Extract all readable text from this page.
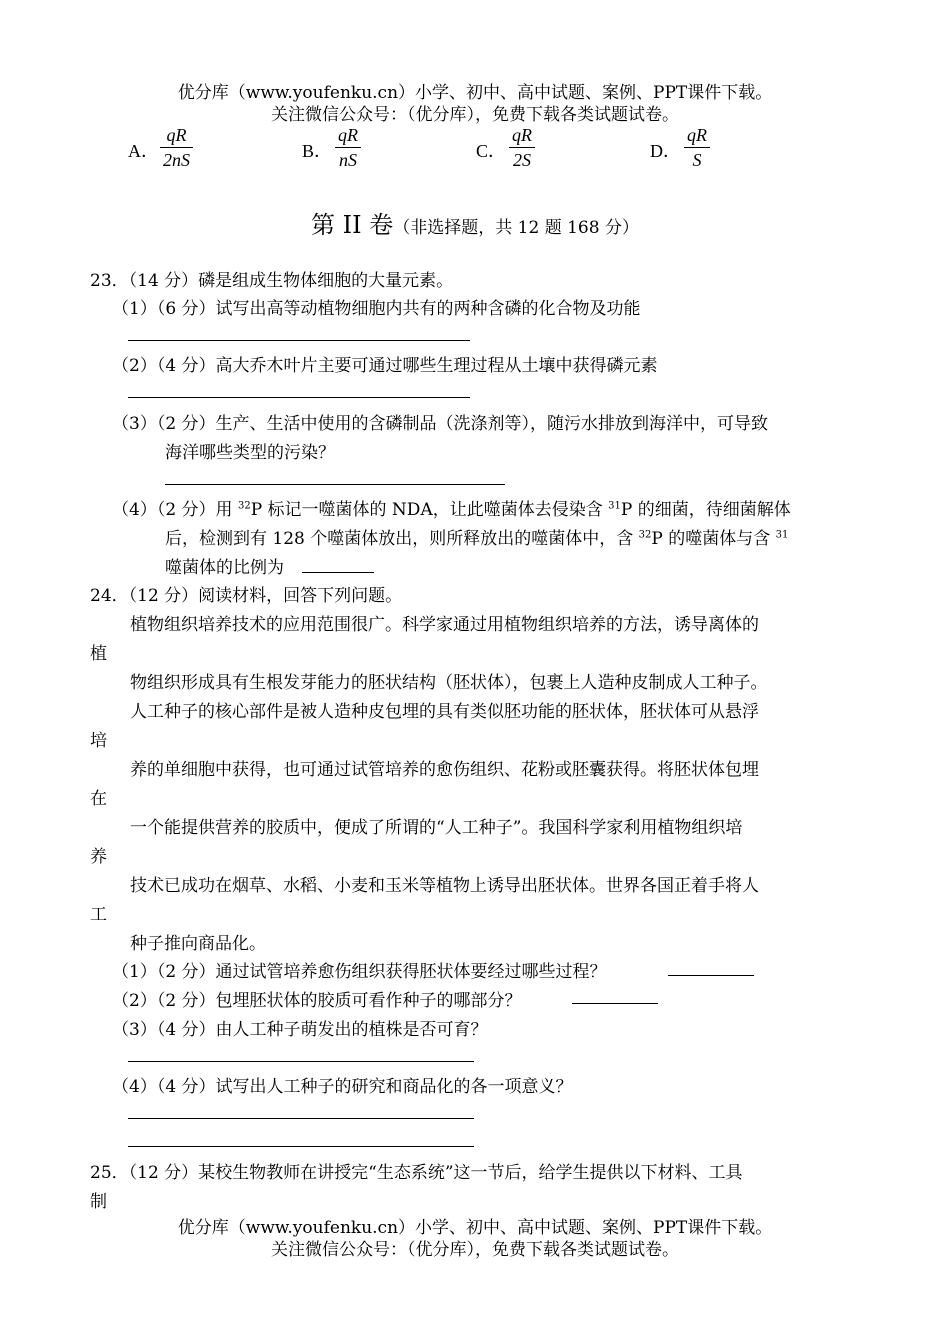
优分库（www.youfenku.cn）小学、初中、高中试题、案例、PPT课件下载。
关注微信公众号：（优分库），免费下载各类试题试卷。
A．
qR
2nS	B．
qR
nS	C．
qR
2S	D．
qR
S
第 II 卷（非选择题，共 12 题 168 分）
23．（14 分）磷是组成生物体细胞的大量元素。
（1）（6 分）试写出高等动植物细胞内共有的两种含磷的化合物及功能
（2）（4 分）高大乔木叶片主要可通过哪些生理过程从土壤中获得磷元素
（3）（2 分）生产、生活中使用的含磷制品（洗涤剂等），随污水排放到海洋中，可导致
海洋哪些类型的污染？
（4）（2 分）用 $^{32}$P 标记一噬菌体的 NDA，让此噬菌体去侵染含 $^{31}$P 的细菌，待细菌解体
后，检测到有 128 个噬菌体放出，则所释放出的噬菌体中，含 $^{32}$P 的噬菌体与含 $^{31}$
噬菌体的比例为
24．（12 分）阅读材料，回答下列问题。
植物组织培养技术的应用范围很广。科学家通过用植物组织培养的方法，诱导离体的
植
物组织形成具有生根发芽能力的胚状结构（胚状体），包裹上人造种皮制成人工种子。
人工种子的核心部件是被人造种皮包埋的具有类似胚功能的胚状体，胚状体可从悬浮
培
养的单细胞中获得，也可通过试管培养的愈伤组织、花粉或胚囊获得。将胚状体包埋
在
一个能提供营养的胶质中，便成了所谓的“人工种子”。我国科学家利用植物组织培
养
技术已成功在烟草、水稻、小麦和玉米等植物上诱导出胚状体。世界各国正着手将人
工
种子推向商品化。
（1）（2 分）通过试管培养愈伤组织获得胚状体要经过哪些过程？
（2）（2 分）包埋胚状体的胶质可看作种子的哪部分？
（3）（4 分）由人工种子萌发出的植株是否可育？
（4）（4 分）试写出人工种子的研究和商品化的各一项意义？
25．（12 分）某校生物教师在讲授完“生态系统”这一节后，给学生提供以下材料、工具
制
优分库（www.youfenku.cn）小学、初中、高中试题、案例、PPT课件下载。
关注微信公众号：（优分库），免费下载各类试题试卷。
